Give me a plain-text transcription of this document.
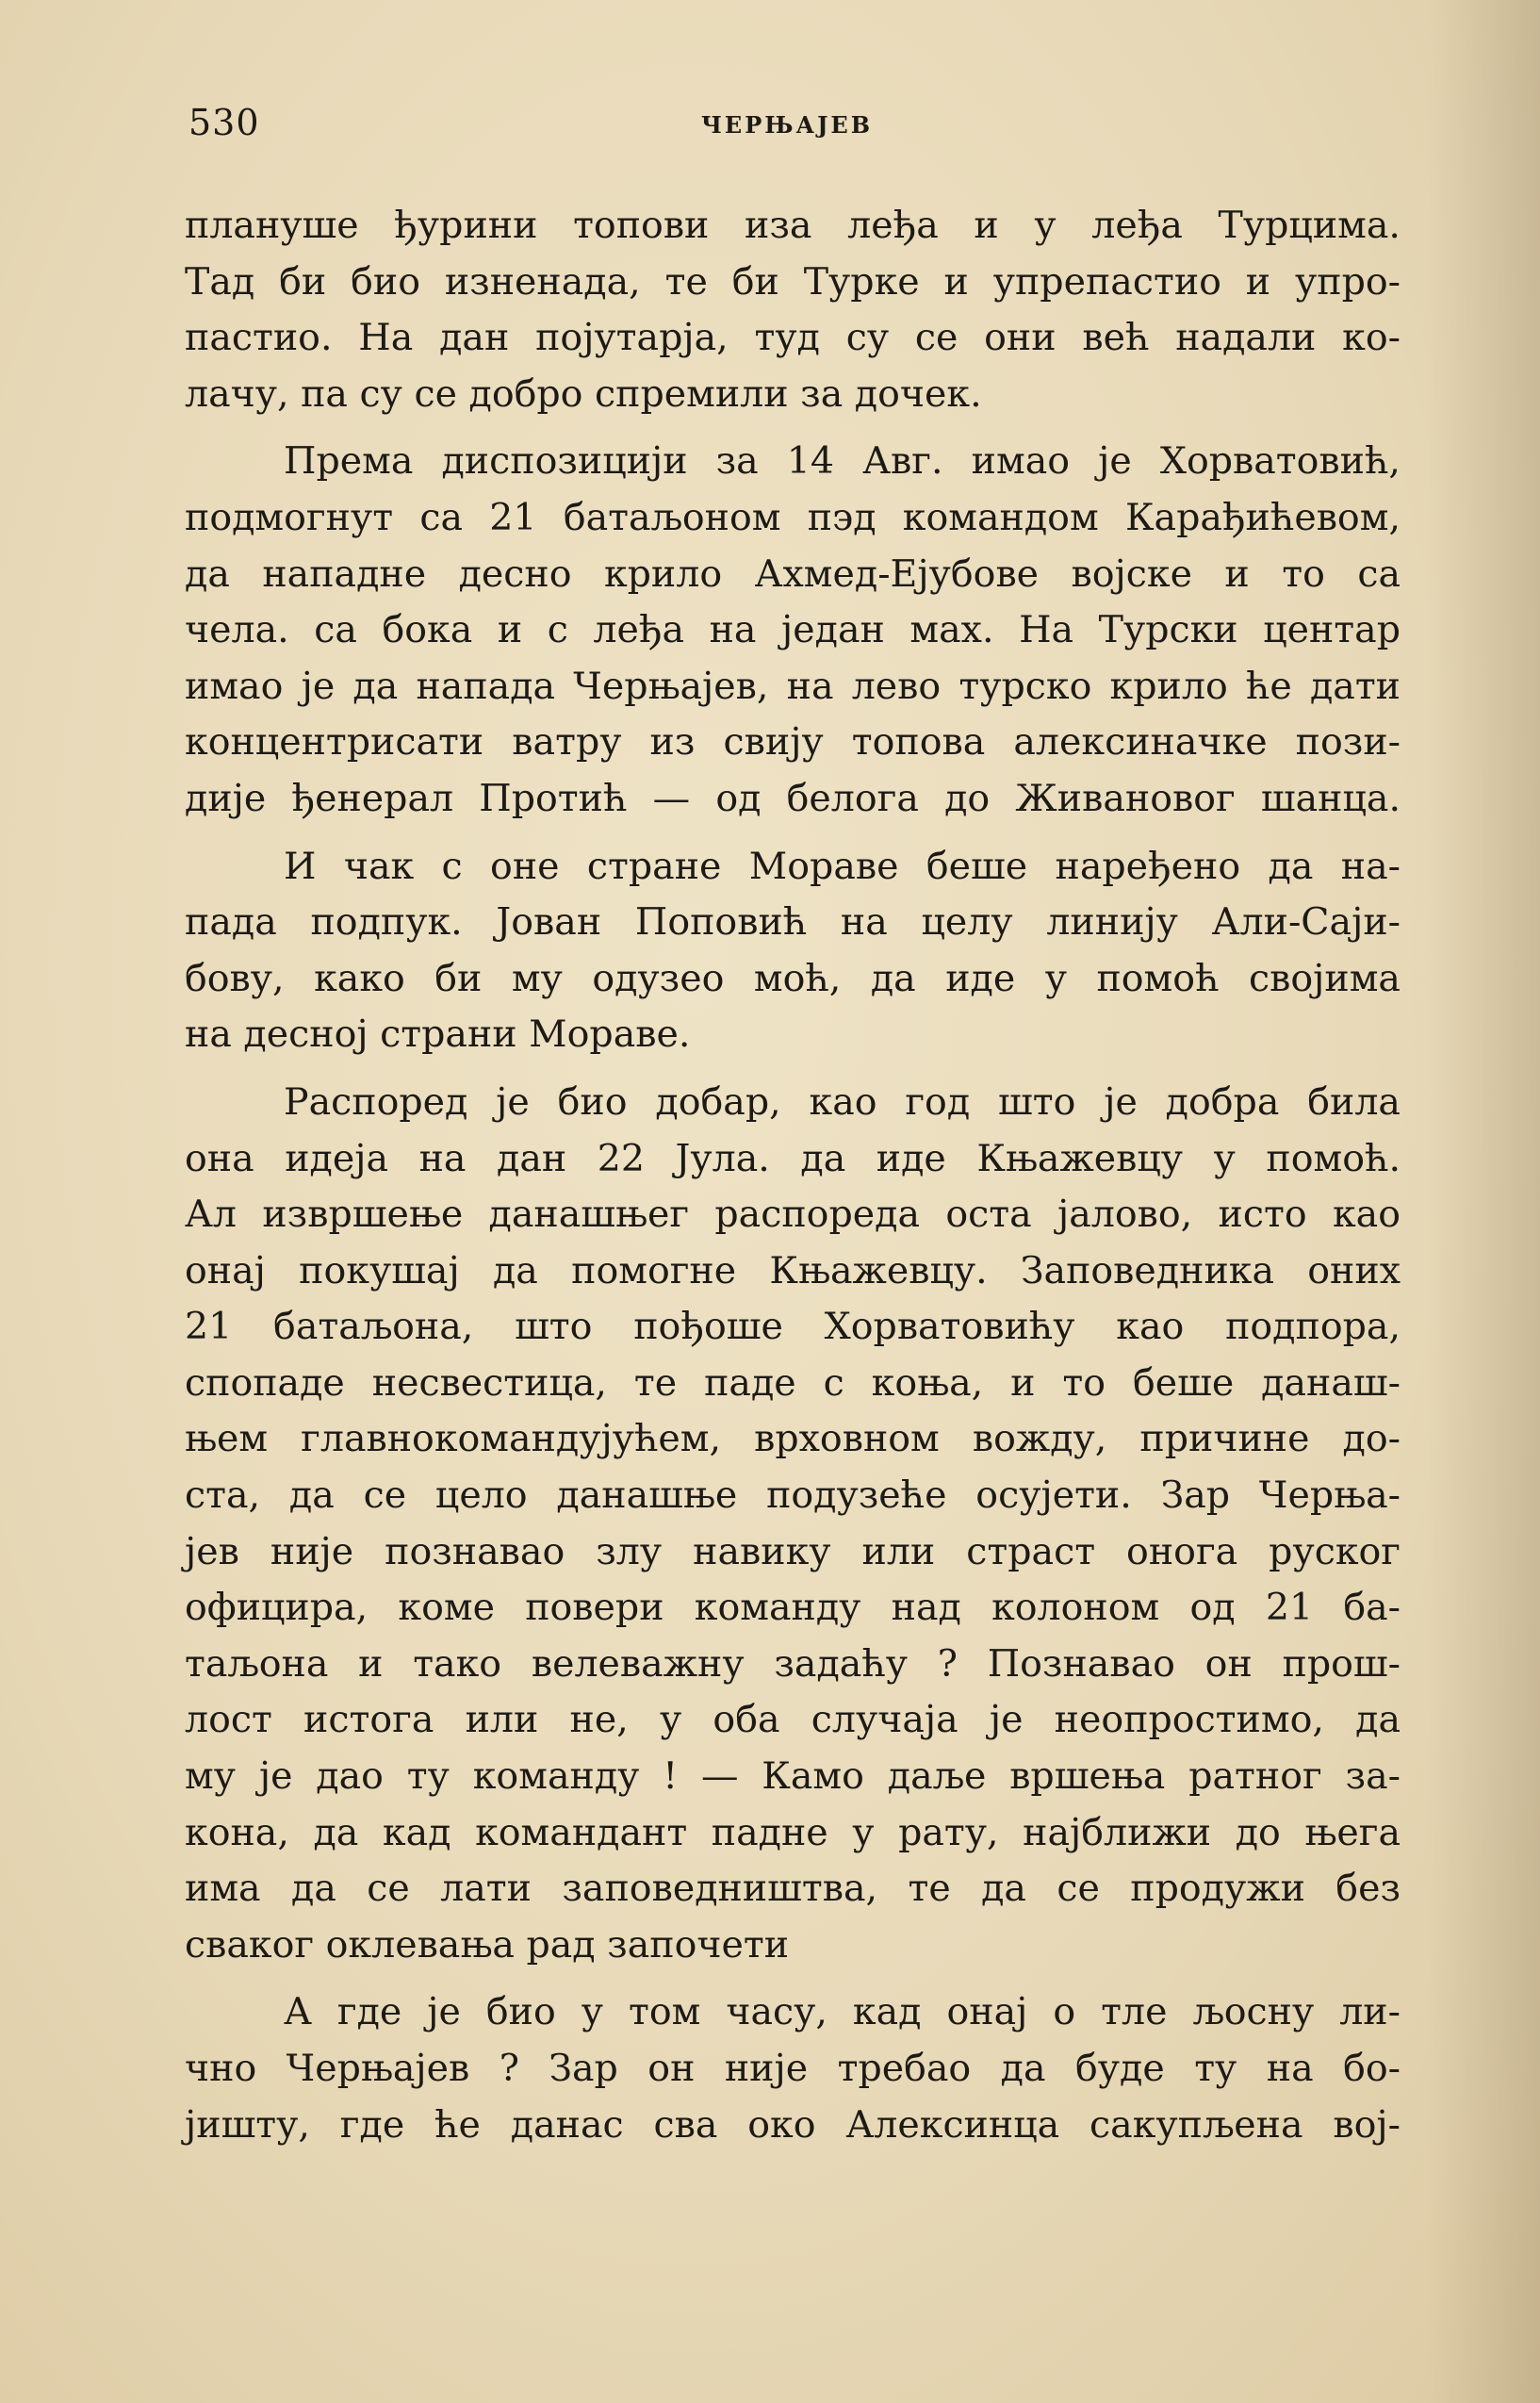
530	ЧЕРЊАЈЕВ

плануше ђурини топови иза леђа и у леђа Турцима.
Тад би био изненада, те би Турке и упрепастио и упро-
пастио. На дан појутарја, туд су се они већ надали ко-
лачу, па су се добро спремили за дочек.

Према диспозицији за 14 Авг. имао је Хорватовић,
подмогнут са 21 батаљоном пэд командом Карађићевом,
да нападне десно крило Ахмед-Ејубове војске и то са
чела. са бока и с леђа на један мах. На Турски центар
имао је да напада Черњајев, на лево турско крило ће дати
концентрисати ватру из свију топова алексиначке пози-
дије ђенерал Протић — од белога до Живановог шанца.

И чак с оне стране Мораве беше наређено да на-
пада подпук. Јован Поповић на целу линију Али-Саји-
бову, како би му одузео моћ, да иде у помоћ својима
на десној страни Мораве.

Распоред је био добар, као год што је добра била
она идеја на дан 22 Јула. да иде Књажевцу у помоћ.
Ал извршење данашњег распореда оста јалово, исто као
онај покушај да помогне Књажевцу. Заповедника оних
21 батаљона, што пођоше Хорватовићу као подпора,
спопаде несвестица, те паде с коња, и то беше данаш-
њем главнокомандујућем, врховном вожду, причине до-
ста, да се цело данашње подузеће осујети. Зар Черња-
јев није познавао злу навику или страст онога руског
официра, коме повери команду над колоном од 21 ба-
таљона и тако велеважну задаћу ? Познавао он прош-
лост истога или не, у оба случаја је неопростимо, да
му је дао ту команду ! — Камо даље вршења ратног за-
кона, да кад командант падне у рату, најближи до њега
има да се лати заповедништва, те да се продужи без
сваког оклевања рад започети

А где је био у том часу, кад онај о тле љосну ли-
чно Черњајев ? Зар он није требао да буде ту на бо-
јишту, где ће данас сва око Алексинца сакупљена вој-
